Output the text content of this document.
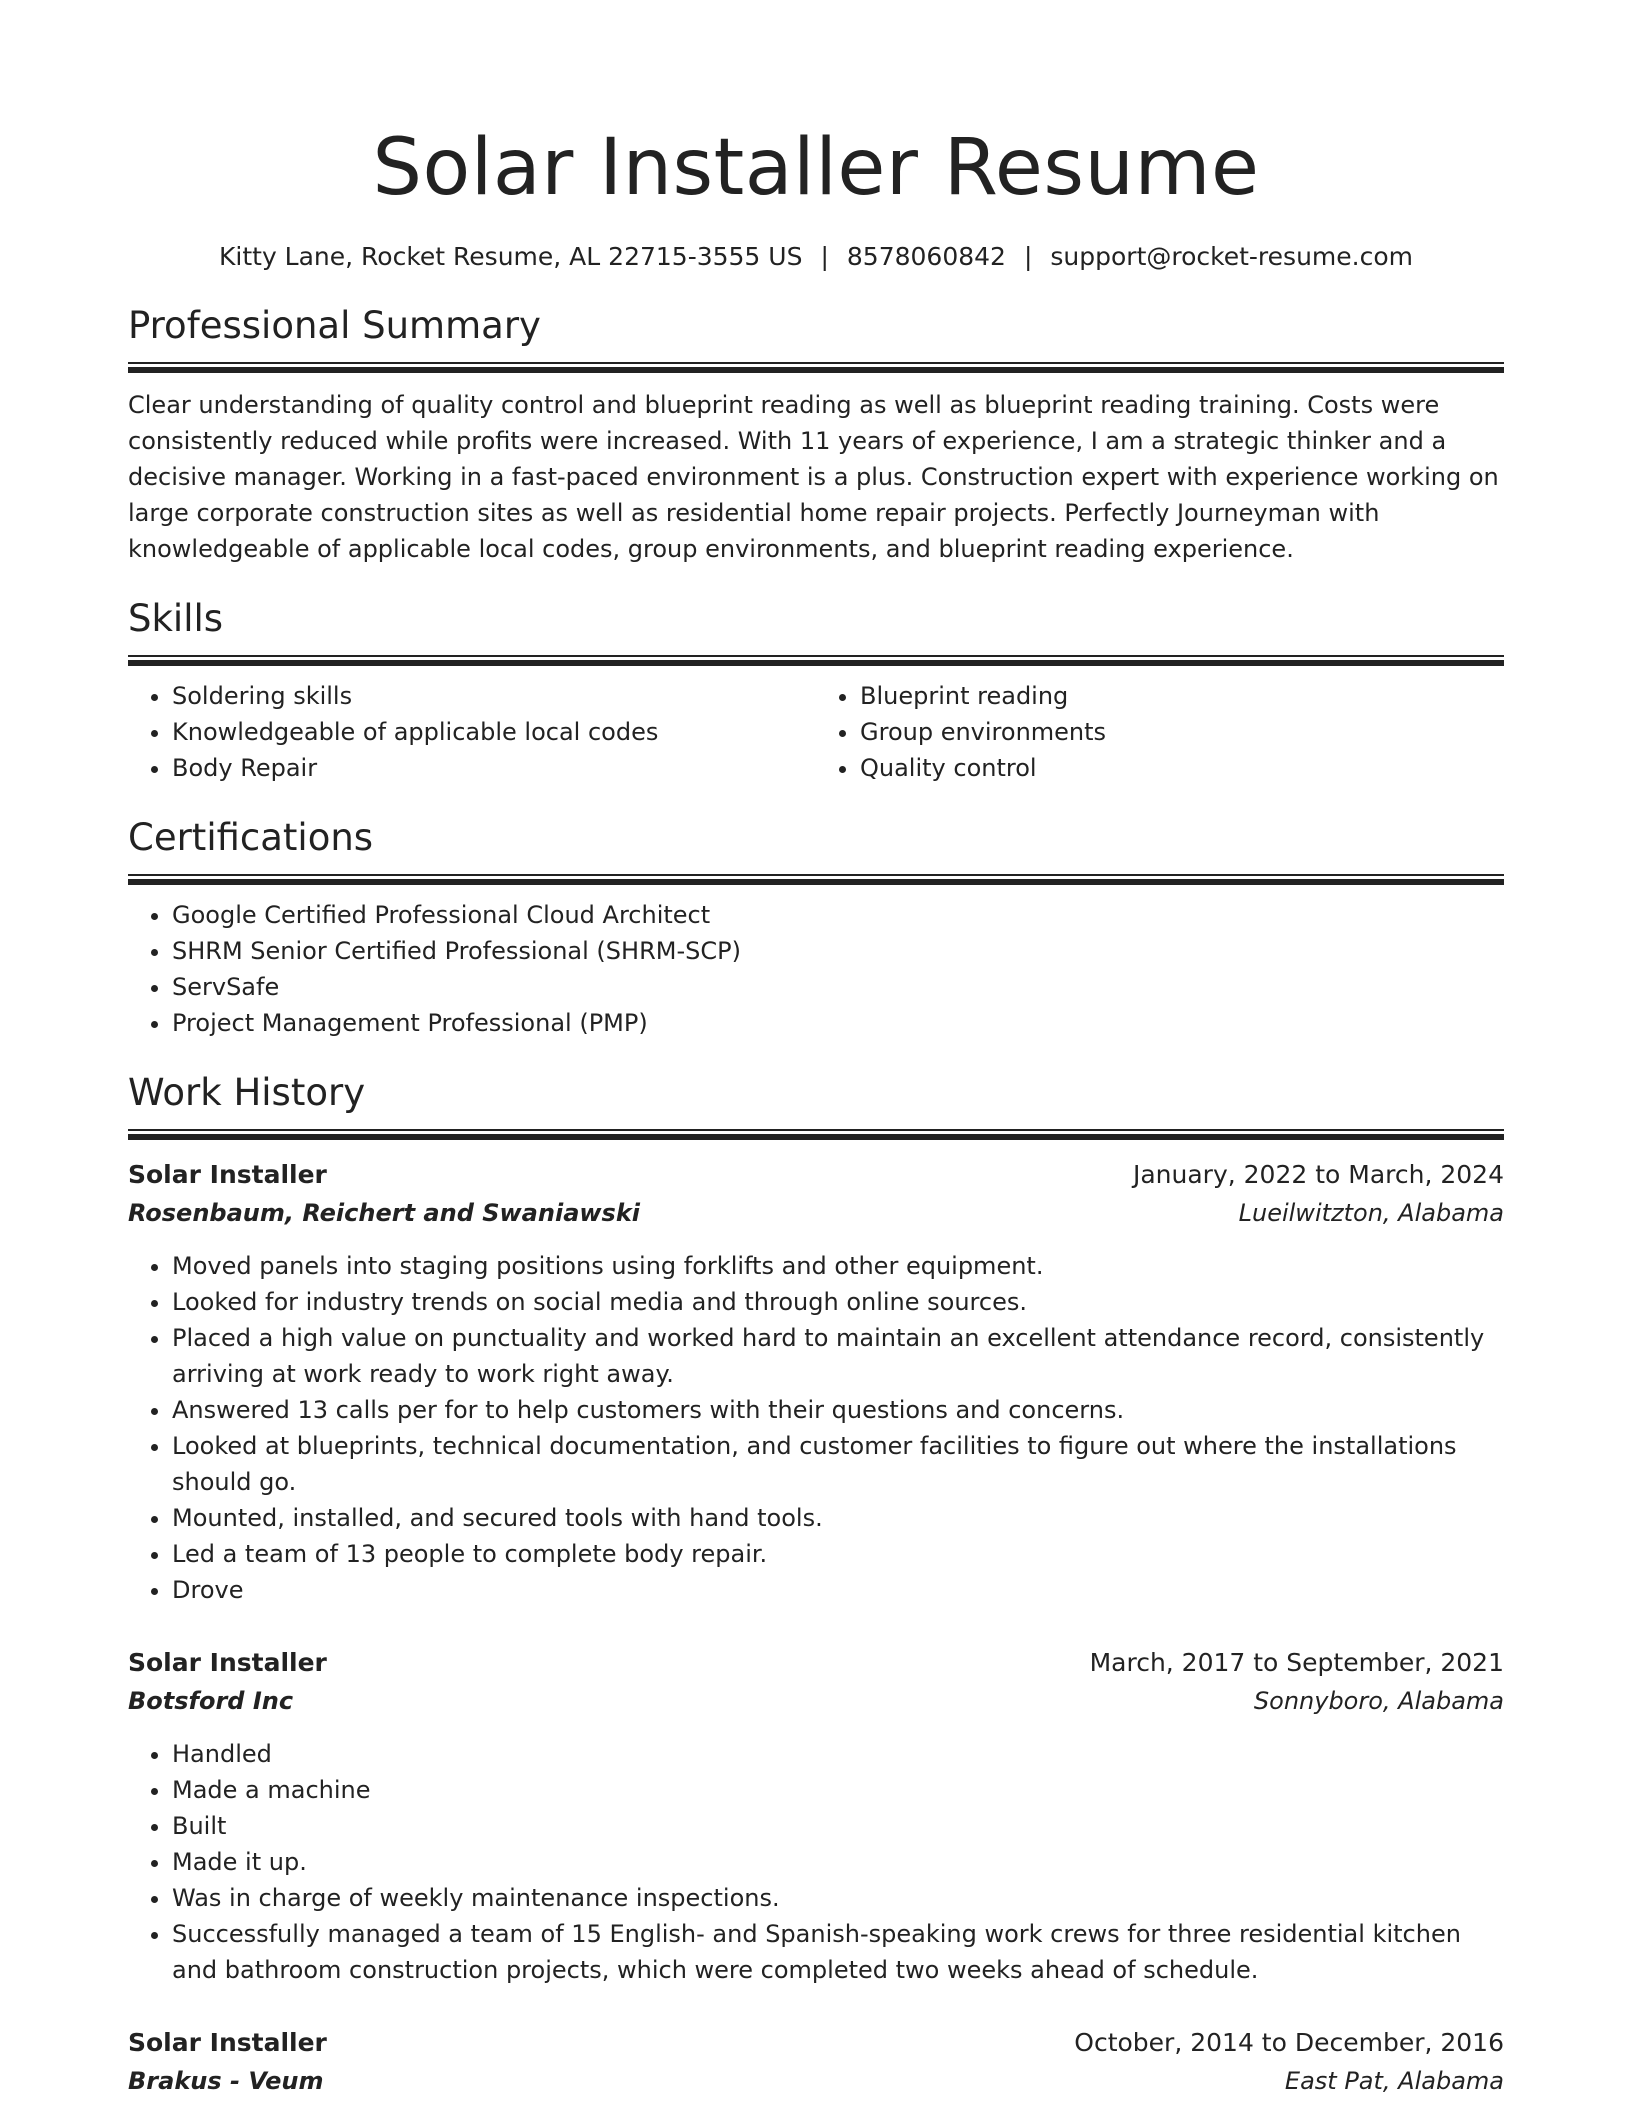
Solar Installer Resume
Kitty Lane, Rocket Resume, AL 22715-3555 US | 8578060842 | support@rocket-resume.com
Professional Summary

Clear understanding of quality control and blueprint reading as well as blueprint reading training. Costs were consistently reduced while profits were increased. With 11 years of experience, I am a strategic thinker and a decisive manager. Working in a fast-paced environment is a plus. Construction expert with experience working on large corporate construction sites as well as residential home repair projects. Perfectly Journeyman with knowledgeable of applicable local codes, group environments, and blueprint reading experience.

Skills
• Soldering skills
• Knowledgeable of applicable local codes
• Body Repair
• Blueprint reading
• Group environments
• Quality control
Certifications
• Google Certified Professional Cloud Architect
• SHRM Senior Certified Professional (SHRM-SCP)
• ServSafe
• Project Management Professional (PMP)
Work History
Solar Installer	January, 2022 to March, 2024
Rosenbaum, Reichert and Swaniawski	Lueilwitzton, Alabama
• Moved panels into staging positions using forklifts and other equipment.
• Looked for industry trends on social media and through online sources.
• Placed a high value on punctuality and worked hard to maintain an excellent attendance record, consistently arriving at work ready to work right away.
• Answered 13 calls per for to help customers with their questions and concerns.
• Looked at blueprints, technical documentation, and customer facilities to figure out where the installations should go.
• Mounted, installed, and secured tools with hand tools.
• Led a team of 13 people to complete body repair.
• Drove
Solar Installer	March, 2017 to September, 2021
Botsford Inc	Sonnyboro, Alabama
• Handled
• Made a machine
• Built
• Made it up.
• Was in charge of weekly maintenance inspections.
• Successfully managed a team of 15 English- and Spanish-speaking work crews for three residential kitchen and bathroom construction projects, which were completed two weeks ahead of schedule.
Solar Installer	October, 2014 to December, 2016
Brakus - Veum	East Pat, Alabama
